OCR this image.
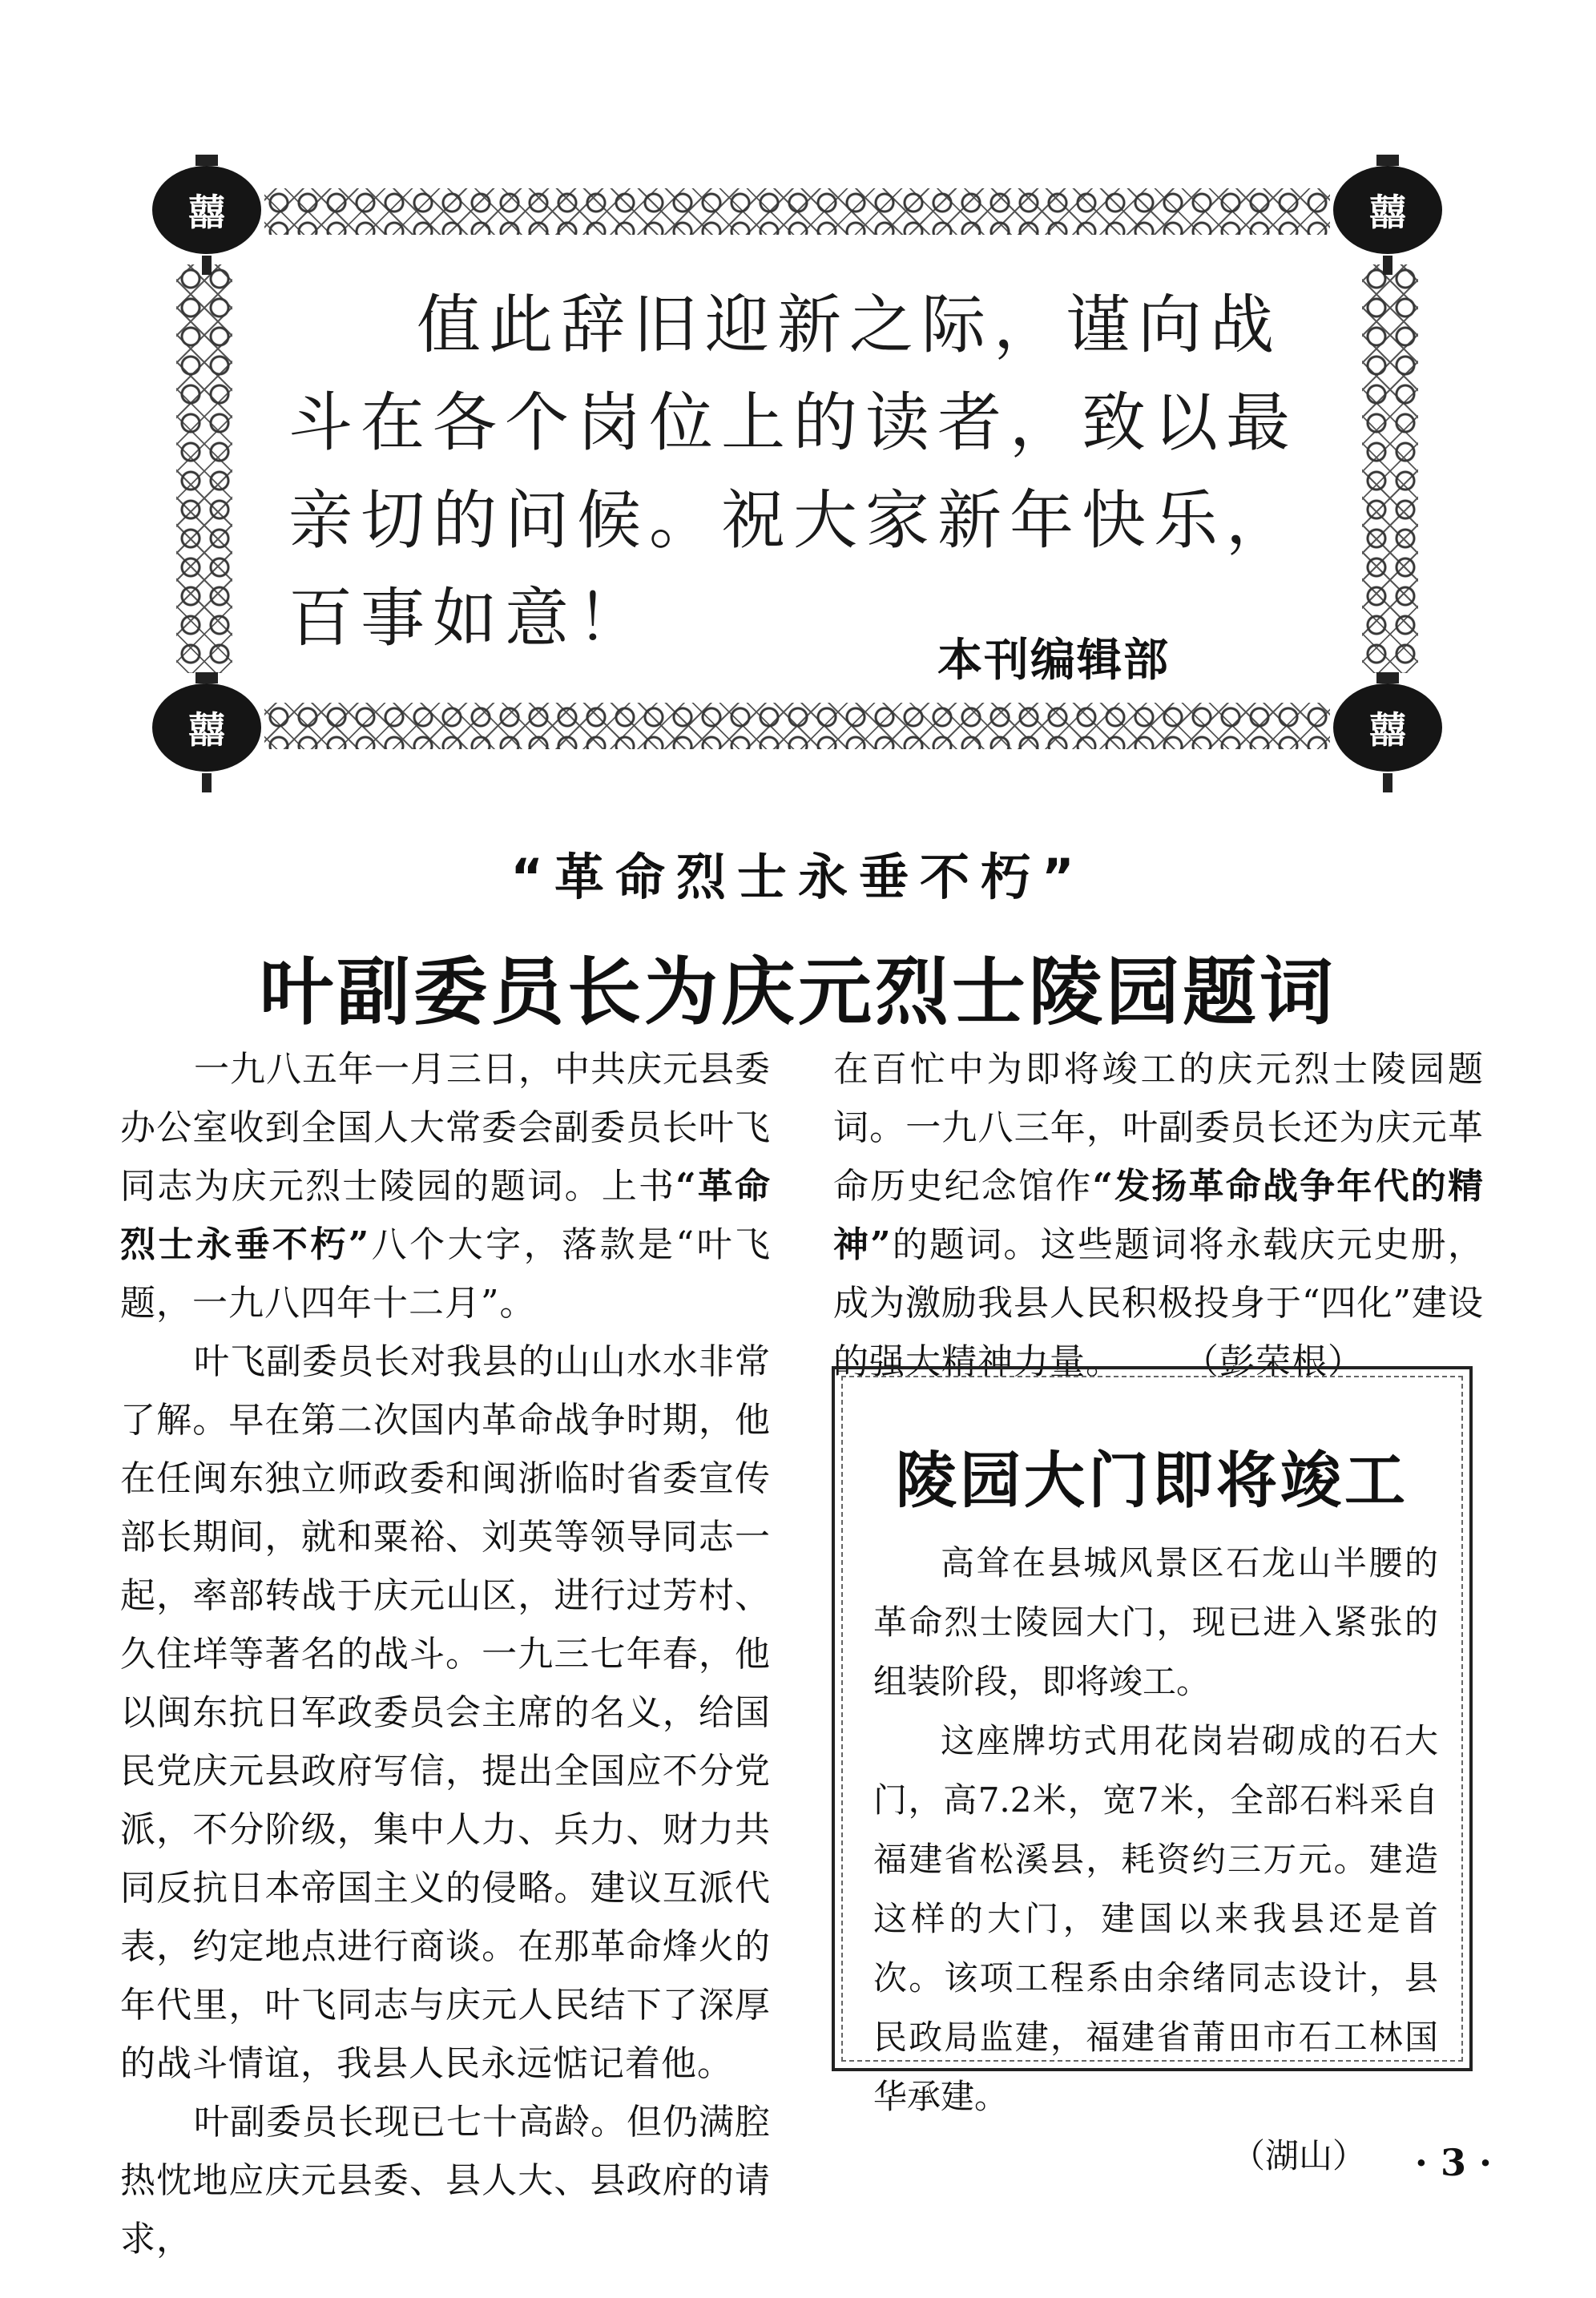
囍	囍
囍	囍
值此辞旧迎新之际，谨向战斗在各个岗位上的读者，致以最亲切的问候。祝大家新年快乐，百事如意！
本刊编辑部
“革命烈士永垂不朽”
叶副委员长为庆元烈士陵园题词

一九八五年一月三日，中共庆元县委办公室收到全国人大常委会副委员长叶飞同志为庆元烈士陵园的题词。上书“革命烈士永垂不朽”八个大字，落款是“叶飞题，一九八四年十二月”。

叶飞副委员长对我县的山山水水非常了解。早在第二次国内革命战争时期，他在任闽东独立师政委和闽浙临时省委宣传部长期间，就和粟裕、刘英等领导同志一起，率部转战于庆元山区，进行过芳村、久住垟等著名的战斗。一九三七年春，他以闽东抗日军政委员会主席的名义，给国民党庆元县政府写信，提出全国应不分党派，不分阶级，集中人力、兵力、财力共同反抗日本帝国主义的侵略。建议互派代表，约定地点进行商谈。在那革命烽火的年代里，叶飞同志与庆元人民结下了深厚的战斗情谊，我县人民永远惦记着他。

叶副委员长现已七十高龄。但仍满腔热忱地应庆元县委、县人大、县政府的请求，

在百忙中为即将竣工的庆元烈士陵园题词。一九八三年，叶副委员长还为庆元革命历史纪念馆作“发扬革命战争年代的精神”的题词。这些题词将永载庆元史册，成为激励我县人民积极投身于“四化”建设的强大精神力量。	（彭荣根）
陵园大门即将竣工

高耸在县城风景区石龙山半腰的革命烈士陵园大门，现已进入紧张的组装阶段，即将竣工。

这座牌坊式用花岗岩砌成的石大门，高7.2米，宽7米，全部石料采自福建省松溪县，耗资约三万元。建造这样的大门，建国以来我县还是首次。该项工程系由余绪同志设计，县民政局监建，福建省莆田市石工林国华承建。

（湖山）	· 3 ·
